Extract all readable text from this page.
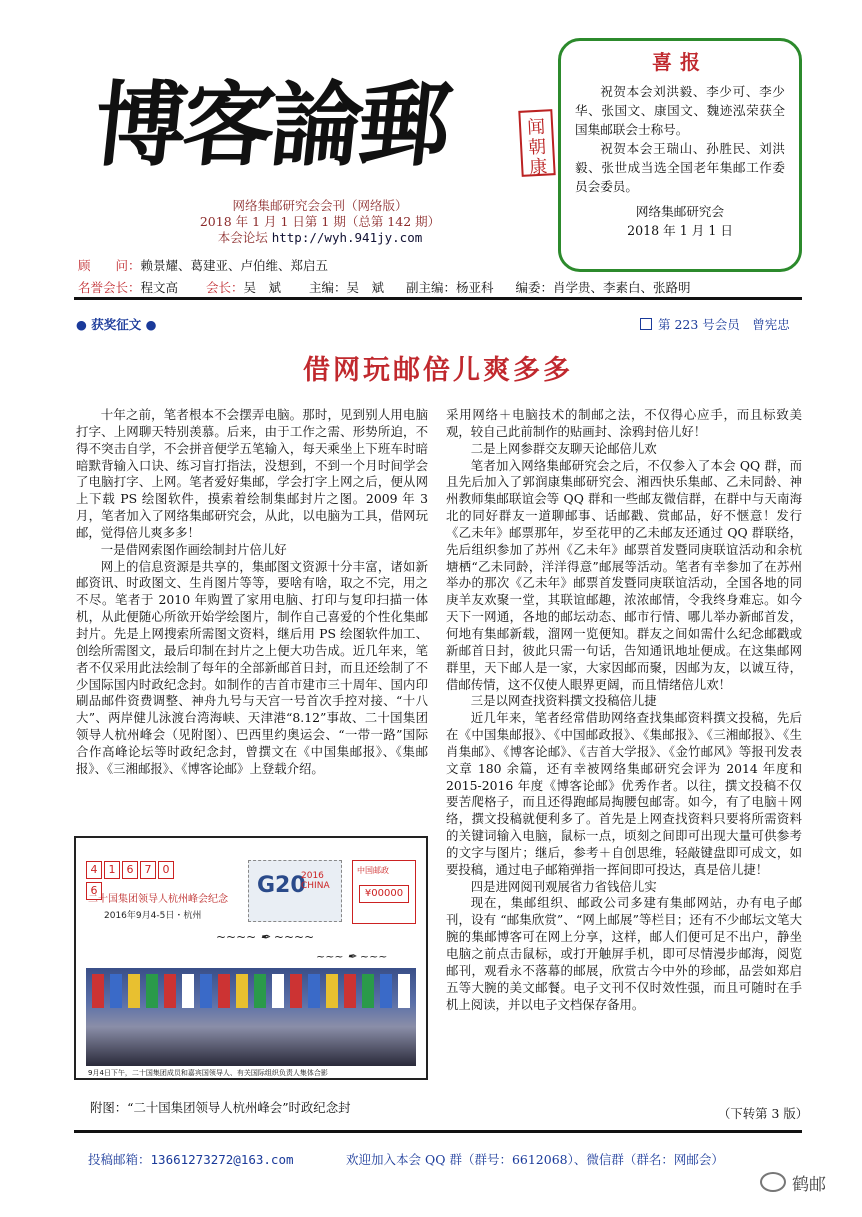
博客論郵	闻朝康
网络集邮研究会会刊（网络版）
2018 年 1 月 1 日第 1 期（总第 142 期）
本会论坛 http://wyh.941jy.com
喜报

祝贺本会刘洪毅、李少可、李少华、张国文、康国文、魏迹泓荣获全国集邮联会士称号。

祝贺本会王瑞山、孙胜民、刘洪毅、张世成当选全国老年集邮工作委员会委员。

网络集邮研究会
2018 年 1 月 1 日
顾　　问：赖景耀、葛建亚、卢伯维、郑启五
名誉会长：程文高 会长：吴　斌 主编：吴　斌 副主编：杨亚科 编委：肖学贵、李素白、张路明
● 获奖征文 ●	第 223 号会员　曾宪忠
借网玩邮倍儿爽多多

十年之前，笔者根本不会摆弄电脑。那时，见到别人用电脑打字、上网聊天特别羡慕。后来，由于工作之需、形势所迫，不得不突击自学，不会拼音便学五笔输入，每天乘坐上下班车时暗暗默背输入口诀、练习盲打指法，没想到，不到一个月时间学会了电脑打字、上网。笔者爱好集邮，学会打字上网之后，便从网上下载 PS 绘图软件，摸索着绘制集邮封片之图。2009 年 3 月，笔者加入了网络集邮研究会，从此，以电脑为工具，借网玩邮，觉得倍儿爽多多！

一是借网索图作画绘制封片倍儿好

网上的信息资源是共享的，集邮图文资源十分丰富，诸如新邮资讯、时政图文、生肖图片等等，要啥有啥，取之不完，用之不尽。笔者于 2010 年购置了家用电脑、打印与复印扫描一体机，从此便随心所欲开始学绘图片，制作自己喜爱的个性化集邮封片。先是上网搜索所需图文资料，继后用 PS 绘图软件加工、创绘所需图文，最后印制在封片之上便大功告成。近几年来，笔者不仅采用此法绘制了每年的全部新邮首日封，而且还绘制了不少国际国内时政纪念封。如制作的吉首市建市三十周年、国内印刷品邮件资费调整、神舟九号与天宫一号首次手控对接、“十八大”、两岸健儿泳渡台湾海峡、天津港“8.12”事故、二十国集团领导人杭州峰会（见附图）、巴西里约奥运会、“一带一路”国际合作高峰论坛等时政纪念封，曾撰文在《中国集邮报》、《集邮报》、《三湘邮报》、《博客论邮》上登载介绍。

采用网络＋电脑技术的制邮之法，不仅得心应手，而且标致美观，较自己此前制作的贴画封、涂鸦封倍儿好！

二是上网参群交友聊天论邮倍儿欢

笔者加入网络集邮研究会之后，不仅参入了本会 QQ 群，而且先后加入了郭润康集邮研究会、湘西快乐集邮、乙未同龄、神州教师集邮联谊会等 QQ 群和一些邮友微信群，在群中与天南海北的同好群友一道聊邮事、话邮戳、赏邮品，好不惬意！发行《乙未年》邮票那年，岁至花甲的乙未邮友还通过 QQ 群联络，先后组织参加了苏州《乙未年》邮票首发暨同庚联谊活动和余杭塘栖“乙未同龄，洋洋得意”邮展等活动。笔者有幸参加了在苏州举办的那次《乙未年》邮票首发暨同庚联谊活动，全国各地的同庚羊友欢聚一堂，其联谊邮趣，浓浓邮情，令我终身难忘。如今天下一网通，各地的邮坛动态、邮市行情、哪儿举办新邮首发，何地有集邮新载，溜网一览便知。群友之间如需什么纪念邮戳或新邮首日封，彼此只需一句话，告知通讯地址便成。在这集邮网群里，天下邮人是一家，大家因邮而聚，因邮为友，以诚互待，借邮传情，这不仅使人眼界更阔，而且情绪倍儿欢！

三是以网查找资料撰文投稿倍儿捷

近几年来，笔者经常借助网络查找集邮资料撰文投稿，先后在《中国集邮报》、《中国邮政报》、《集邮报》、《三湘邮报》、《生肖集邮》、《博客论邮》、《吉首大学报》、《金竹邮风》等报刊发表文章 180 余篇，还有幸被网络集邮研究会评为 2014 年度和 2015-2016 年度《博客论邮》优秀作者。以往，撰文投稿不仅要苦爬格子，而且还得跑邮局掏腰包邮寄。如今，有了电脑＋网络，撰文投稿就便利多了。首先是上网查找资料只要将所需资料的关键词输入电脑，鼠标一点，顷刻之间即可出现大量可供参考的文字与图片；继后，参考＋自创思维，轻敲键盘即可成文，如要投稿，通过电子邮箱弹指一挥间即可投达，真是倍儿捷！

四是进网阅刊观展省力省钱倍儿实

现在，集邮组织、邮政公司多建有集邮网站，办有电子邮刊，设有 “邮集欣赏”、“网上邮展”等栏目；还有不少邮坛文笔大腕的集邮博客可在网上分享，这样，邮人们便可足不出户，静坐电脑之前点击鼠标，或打开触屏手机，即可尽情漫步邮海，阅览邮刊，观看永不落幕的邮展，欣赏古今中外的珍邮，品尝如郑启五等大腕的美文邮餐。电子文刊不仅时效性强，而且可随时在手机上阅读，并以电子文档保存备用。

4 1 6 7 06
二十国集团领导人杭州峰会纪念
2016年9月4-5日・杭州
G20
2016 CHINA
中国邮政
¥00000
~~~~ ✒ ~~~~
~~~ ✒ ~~~
9月4日下午，二十国集团成员和嘉宾国领导人、有关国际组织负责人集体合影
附图：“二十国集团领导人杭州峰会”时政纪念封	（下转第 3 版）
投稿邮箱：13661273272@163.com	欢迎加入本会 QQ 群（群号：6612068）、微信群（群名：网邮会）
鹤邮
